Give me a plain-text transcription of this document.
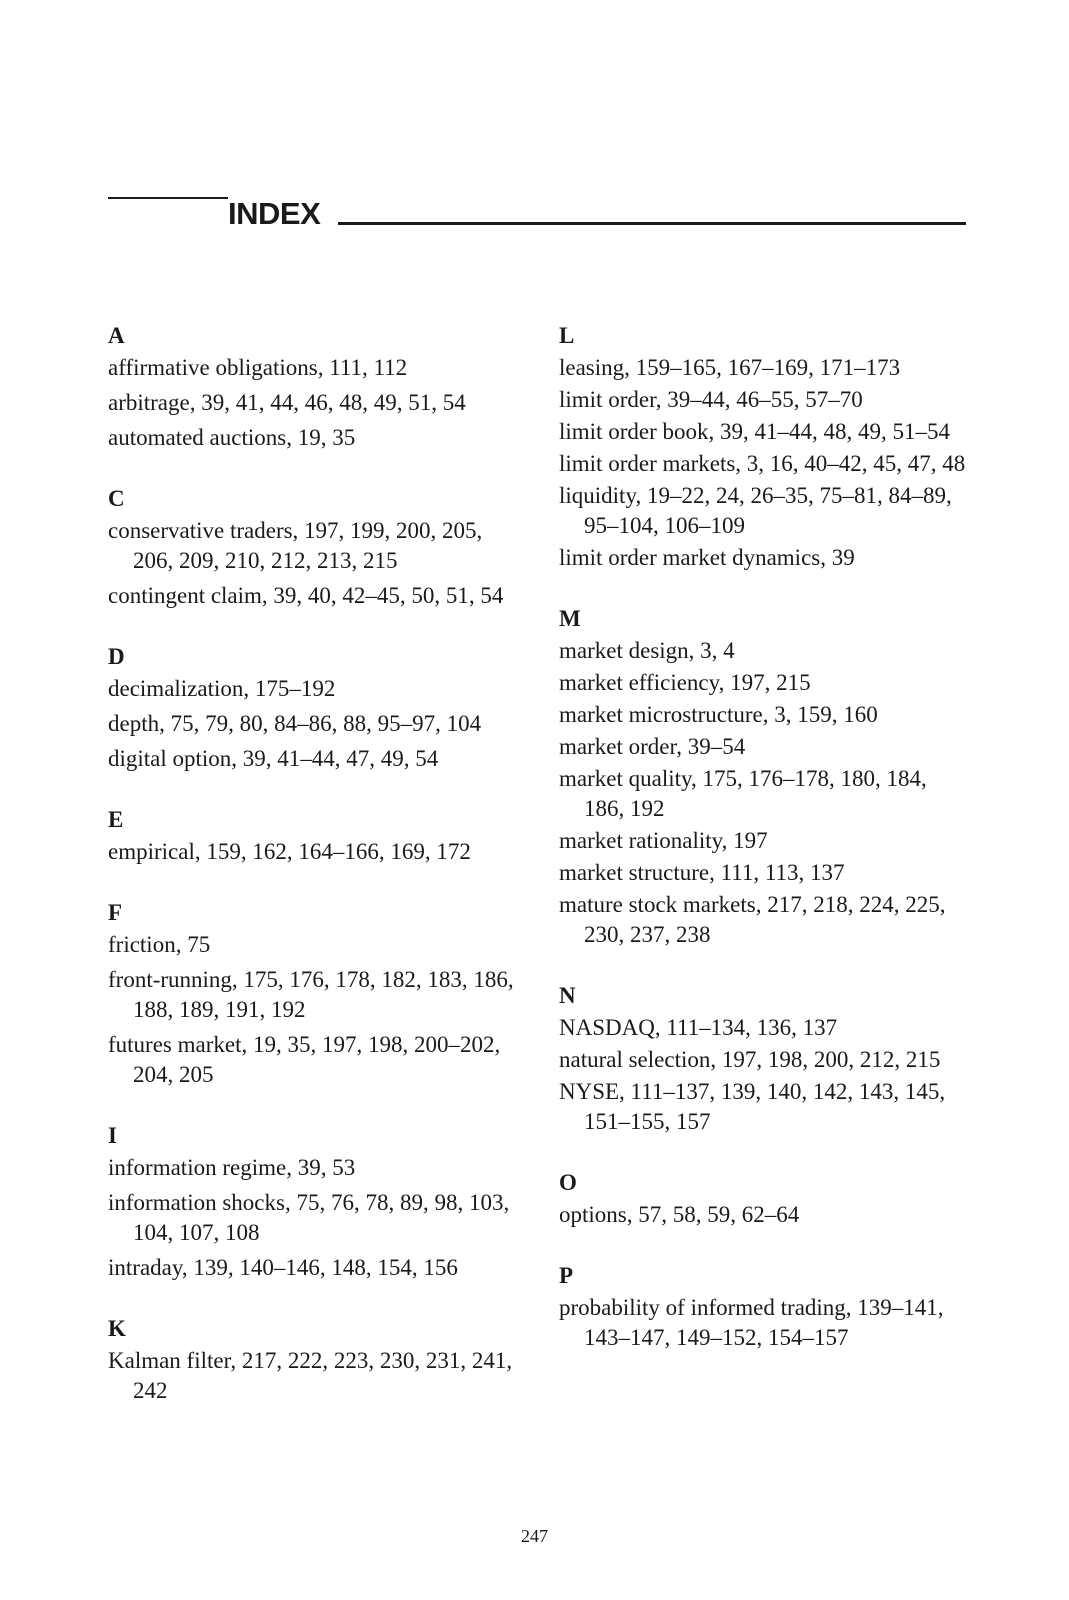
INDEX
A
affirmative obligations, 111, 112
arbitrage, 39, 41, 44, 46, 48, 49, 51, 54
automated auctions, 19, 35
C
conservative traders, 197, 199, 200, 205, 206, 209, 210, 212, 213, 215
contingent claim, 39, 40, 42–45, 50, 51, 54
D
decimalization, 175–192
depth, 75, 79, 80, 84–86, 88, 95–97, 104
digital option, 39, 41–44, 47, 49, 54
E
empirical, 159, 162, 164–166, 169, 172
F
friction, 75
front-running, 175, 176, 178, 182, 183, 186, 188, 189, 191, 192
futures market, 19, 35, 197, 198, 200–202, 204, 205
I
information regime, 39, 53
information shocks, 75, 76, 78, 89, 98, 103, 104, 107, 108
intraday, 139, 140–146, 148, 154, 156
K
Kalman filter, 217, 222, 223, 230, 231, 241, 242
L
leasing, 159–165, 167–169, 171–173
limit order, 39–44, 46–55, 57–70
limit order book, 39, 41–44, 48, 49, 51–54
limit order markets, 3, 16, 40–42, 45, 47, 48
liquidity, 19–22, 24, 26–35, 75–81, 84–89, 95–104, 106–109
limit order market dynamics, 39
M
market design, 3, 4
market efficiency, 197, 215
market microstructure, 3, 159, 160
market order, 39–54
market quality, 175, 176–178, 180, 184, 186, 192
market rationality, 197
market structure, 111, 113, 137
mature stock markets, 217, 218, 224, 225, 230, 237, 238
N
NASDAQ, 111–134, 136, 137
natural selection, 197, 198, 200, 212, 215
NYSE, 111–137, 139, 140, 142, 143, 145, 151–155, 157
O
options, 57, 58, 59, 62–64
P
probability of informed trading, 139–141, 143–147, 149–152, 154–157
247
